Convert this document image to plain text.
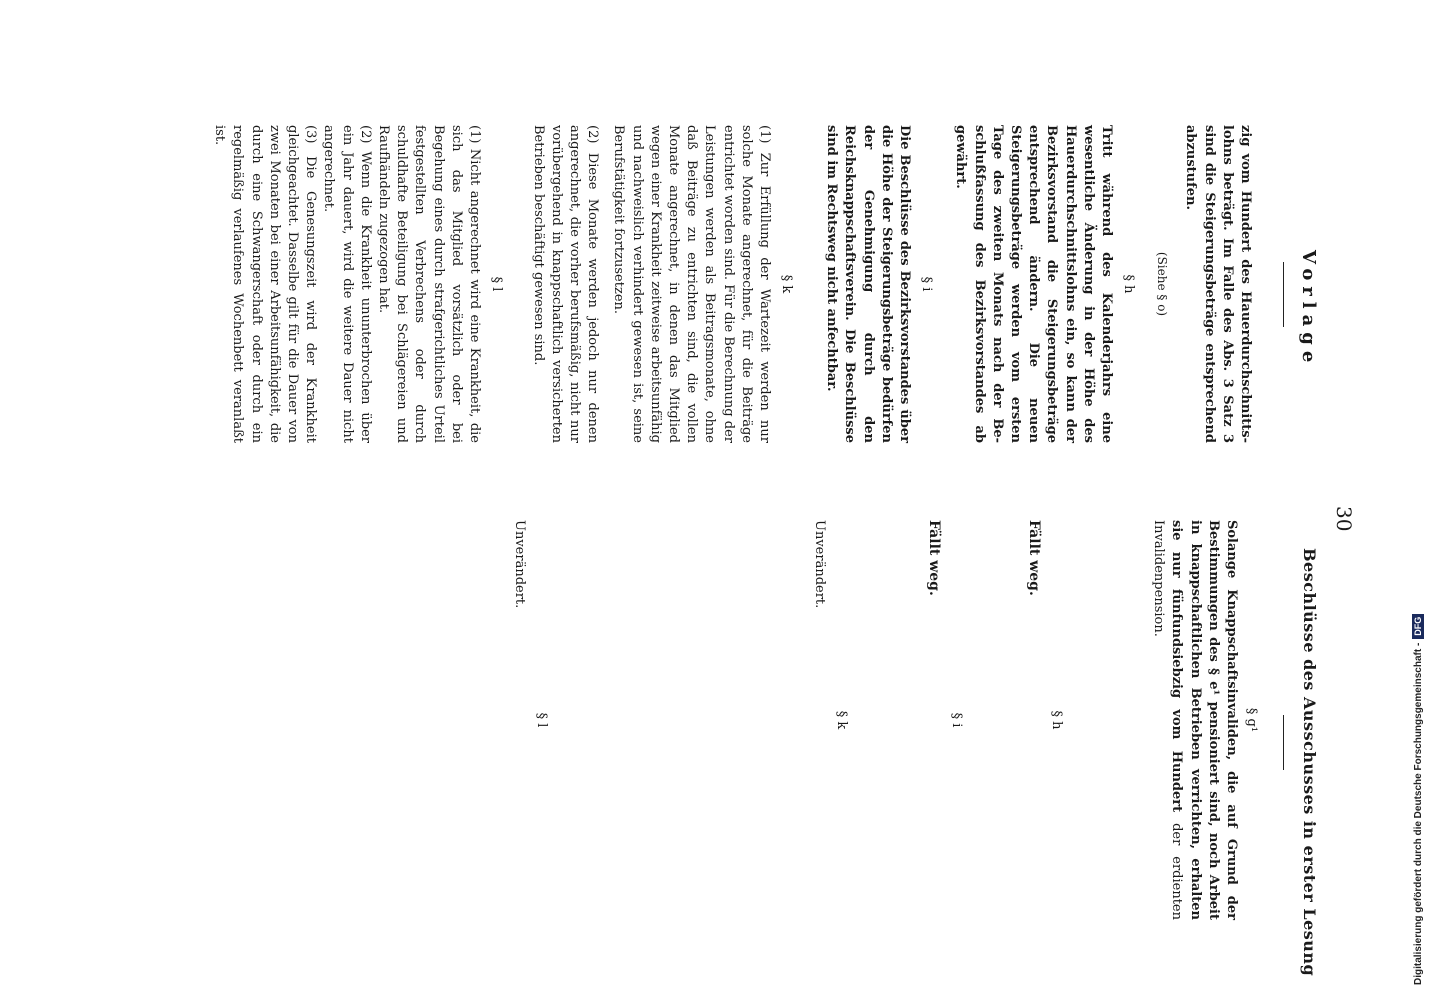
30
Vorlage
Beschlüsse des Ausschusses in erster Lesung

zig vom Hundert des Hauerdurchschnittslohns beträgt. Im Falle des Abs. 3 Satz 3 sind die Steigerungsbeträge entsprechend abzustufen.

(Siehe § o)

§ h

Tritt während des Kalenderjahrs eine wesentliche Änderung in der Höhe des Hauerdurchschnittslohns ein, so kann der Bezirksvorstand die Steigerungsbeträge entsprechend ändern. Die neuen Steigerungsbeträge werden vom ersten Tage des zweiten Monats nach der Beschlußfassung des Bezirksvorstandes ab gewährt.

§ i

Die Beschlüsse des Bezirksvorstandes über die Höhe der Steigerungsbeträge bedürfen der Genehmigung durch den Reichsknappschaftsverein. Die Beschlüsse sind im Rechtsweg nicht anfechtbar.

§ k

(1) Zur Erfüllung der Wartezeit werden nur solche Monate angerechnet, für die Beiträge entrichtet worden sind. Für die Berechnung der Leistungen werden als Beitragsmonate, ohne daß Beiträge zu entrichten sind, die vollen Monate angerechnet, in denen das Mitglied wegen einer Krankheit zeitweise arbeitsunfähig und nachweislich verhindert gewesen ist, seine Berufstätigkeit fortzusetzen.

(2) Diese Monate werden jedoch nur denen angerechnet, die vorher berufsmäßig, nicht nur vorübergehend in knappschaftlich versicherten Betrieben beschäftigt gewesen sind.

§ l

(1) Nicht angerechnet wird eine Krankheit, die sich das Mitglied vorsätzlich oder bei Begehung eines durch strafgerichtliches Urteil festgestellten Verbrechens oder durch schuldhafte Beteiligung bei Schlägereien und Raufhändeln zugezogen hat.

(2) Wenn die Krankheit ununterbrochen über ein Jahr dauert, wird die weitere Dauer nicht angerechnet.

(3) Die Genesungszeit wird der Krankheit gleichgeachtet. Dasselbe gilt für die Dauer von zwei Monaten bei einer Arbeitsunfähigkeit, die durch eine Schwangerschaft oder durch ein regelmäßig verlaufenes Wochenbett veranlaßt ist.

§ g¹

Solange Knappschaftsinvaliden, die auf Grund der Bestimmungen des § e¹ pensioniert sind, noch Arbeit in knappschaftlichen Betrieben verrichten, erhalten sie nur fünfundsiebzig vom Hundert der erdienten Invalidenpension.

§ h

Fällt weg.

§ i

Fällt weg.

§ k

Unverändert.

§ l

Unverändert.

Digitalisierung gefördert durch die Deutsche Forschungsgemeinschaft -DFG
